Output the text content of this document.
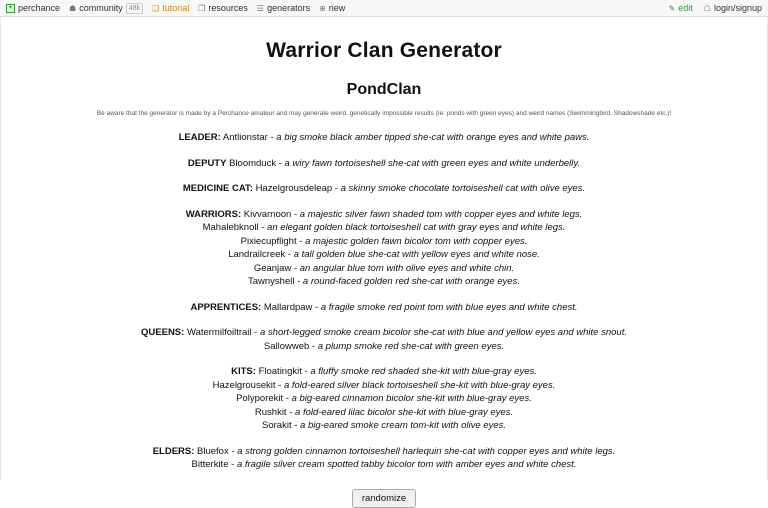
✦ perchance ☗ community 48k	❑ tutorial ❐ resources ☰ generators ⊕ new	✎ edit ☖ login/signup
Warrior Clan Generator
PondClan

Be aware that the generator is made by a Perchance amateur and may generate weird, genetically impossible results (Ie: ponds with green eyes) and weird names (Swimmingbird, Shadowshade etc.)!

LEADER: Antlionstar - a big smoke black amber tipped she-cat with orange eyes and white paws.
DEPUTY Bloomduck - a wiry fawn tortoiseshell she-cat with green eyes and white underbelly.
MEDICINE CAT: Hazelgrousdeleap - a skinny smoke chocolate tortoiseshell cat with olive eyes.
WARRIORS: Kivvarnoon - a majestic silver fawn shaded tom with copper eyes and white legs.
Mahalebknoll - an elegant golden black tortoiseshell cat with gray eyes and white legs.
Pixiecupflight - a majestic golden fawn bicolor tom with copper eyes.
Landrailcreek - a tall golden blue she-cat with yellow eyes and white nose.
Geanjaw - an angular blue tom with olive eyes and white chin.
Tawnyshell - a round-faced golden red she-cat with orange eyes.
APPRENTICES: Mallardpaw - a fragile smoke red point tom with blue eyes and white chest.
QUEENS: Watermilfoiltrail - a short-legged smoke cream bicolor she-cat with blue and yellow eyes and white snout.
Sallowweb - a plump smoke red she-cat with green eyes.
KITS: Floatingkit - a fluffy smoke red shaded she-kit with blue-gray eyes.
Hazelgrousekit - a fold-eared silver black tortoiseshell she-kit with blue-gray eyes.
Polyporekit - a big-eared cinnamon bicolor she-kit with blue-gray eyes.
Rushkit - a fold-eared lilac bicolor she-kit with blue-gray eyes.
Sorakit - a big-eared smoke cream tom-kit with olive eyes.
ELDERS: Bluefox - a strong golden cinnamon tortoiseshell harlequin she-cat with copper eyes and white legs.
Bitterkite - a fragile silver cream spotted tabby bicolor tom with amber eyes and white chest.
randomize
